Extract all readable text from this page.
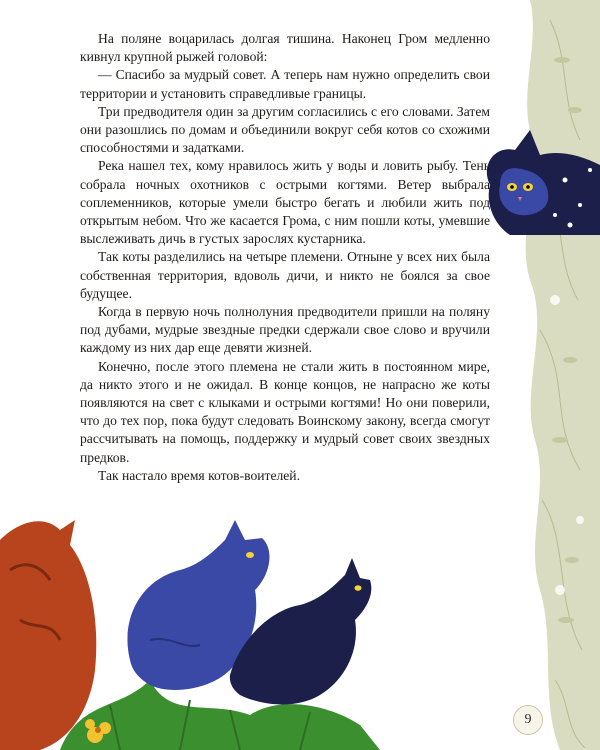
На поляне воцарилась долгая тишина. Наконец Гром медленно кивнул крупной рыжей головой:

— Спасибо за мудрый совет. А теперь нам нужно определить свои территории и установить справедливые границы.

Три предводителя один за другим согласились с его словами. Затем они разошлись по домам и объединили вокруг себя котов со схожими способностями и задатками.

Река нашел тех, кому нравилось жить у воды и ловить рыбу. Тень собрала ночных охотников с острыми когтями. Ветер выбрала соплеменников, которые умели быстро бегать и любили жить под открытым небом. Что же касается Грома, с ним пошли коты, умевшие выслеживать дичь в густых зарослях кустарника.

Так коты разделились на четыре племени. Отныне у всех них была собственная территория, вдоволь дичи, и никто не боялся за свое будущее.

Когда в первую ночь полнолуния предводители пришли на поляну под дубами, мудрые звездные предки сдержали свое слово и вручили каждому из них дар еще девяти жизней.

Конечно, после этого племена не стали жить в постоянном мире, да никто этого и не ожидал. В конце концов, не напрасно же коты появляются на свет с клыками и острыми когтями! Но они поверили, что до тех пор, пока будут следовать Воинскому закону, всегда смогут рассчитывать на помощь, поддержку и мудрый совет своих звездных предков.

Так настало время котов-воителей.

9
